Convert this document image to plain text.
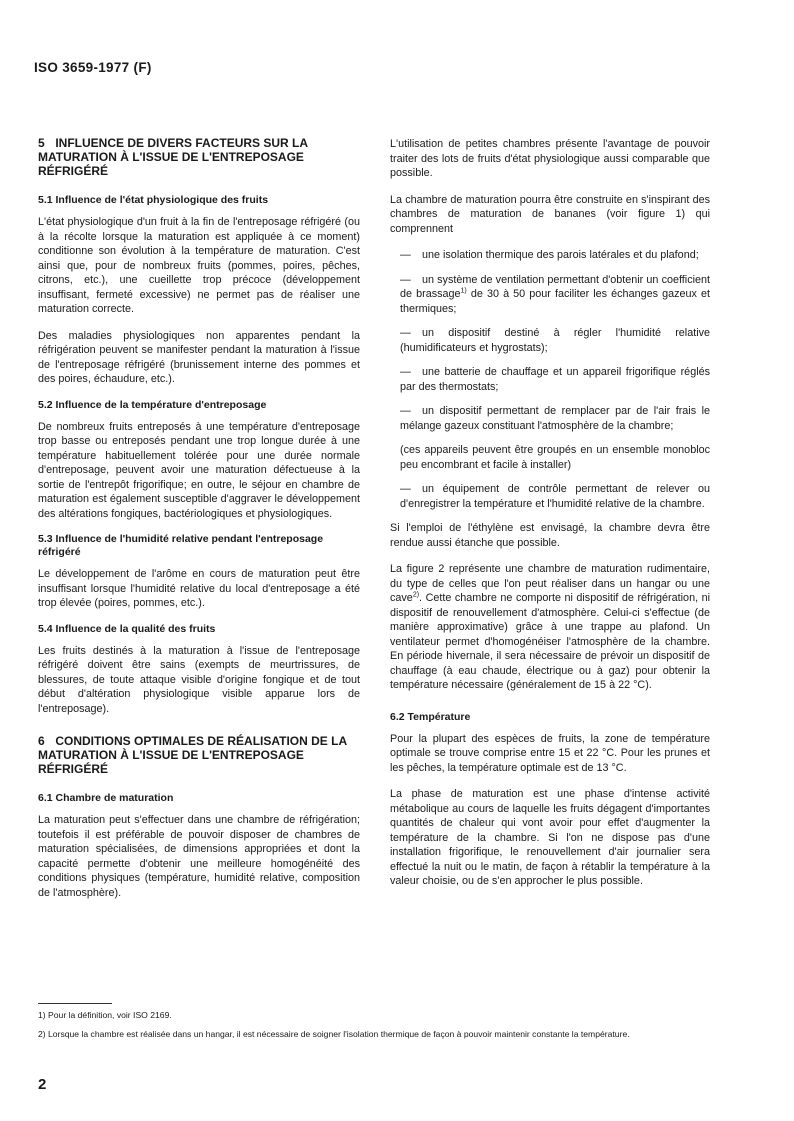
ISO 3659-1977 (F)
5 INFLUENCE DE DIVERS FACTEURS SUR LA MATURATION À L'ISSUE DE L'ENTREPOSAGE RÉFRIGÉRÉ
5.1 Influence de l'état physiologique des fruits
L'état physiologique d'un fruit à la fin de l'entreposage réfrigéré (ou à la récolte lorsque la maturation est appliquée à ce moment) conditionne son évolution à la température de maturation. C'est ainsi que, pour de nombreux fruits (pommes, poires, pêches, citrons, etc.), une cueillette trop précoce (développement insuffisant, fermeté excessive) ne permet pas de réaliser une maturation correcte.
Des maladies physiologiques non apparentes pendant la réfrigération peuvent se manifester pendant la maturation à l'issue de l'entreposage réfrigéré (brunissement interne des pommes et des poires, échaudure, etc.).
5.2 Influence de la température d'entreposage
De nombreux fruits entreposés à une température d'entreposage trop basse ou entreposés pendant une trop longue durée à une température habituellement tolérée pour une durée normale d'entreposage, peuvent avoir une maturation défectueuse à la sortie de l'entrepôt frigorifique; en outre, le séjour en chambre de maturation est également susceptible d'aggraver le développement des altérations fongiques, bactériologiques et physiologiques.
5.3 Influence de l'humidité relative pendant l'entreposage réfrigéré
Le développement de l'arôme en cours de maturation peut être insuffisant lorsque l'humidité relative du local d'entreposage a été trop élevée (poires, pommes, etc.).
5.4 Influence de la qualité des fruits
Les fruits destinés à la maturation à l'issue de l'entreposage réfrigéré doivent être sains (exempts de meurtrissures, de blessures, de toute attaque visible d'origine fongique et de tout début d'altération physiologique visible apparue lors de l'entreposage).
6 CONDITIONS OPTIMALES DE RÉALISATION DE LA MATURATION À L'ISSUE DE L'ENTREPOSAGE RÉFRIGÉRÉ
6.1 Chambre de maturation
La maturation peut s'effectuer dans une chambre de réfrigération; toutefois il est préférable de pouvoir disposer de chambres de maturation spécialisées, de dimensions appropriées et dont la capacité permette d'obtenir une meilleure homogénéité des conditions physiques (température, humidité relative, composition de l'atmosphère).
L'utilisation de petites chambres présente l'avantage de pouvoir traiter des lots de fruits d'état physiologique aussi comparable que possible.
La chambre de maturation pourra être construite en s'inspirant des chambres de maturation de bananes (voir figure 1) qui comprennent
— une isolation thermique des parois latérales et du plafond;
— un système de ventilation permettant d'obtenir un coefficient de brassage$^{1)}$ de 30 à 50 pour faciliter les échanges gazeux et thermiques;
— un dispositif destiné à régler l'humidité relative (humidificateurs et hygrostats);
— une batterie de chauffage et un appareil frigorifique réglés par des thermostats;
— un dispositif permettant de remplacer par de l'air frais le mélange gazeux constituant l'atmosphère de la chambre;
(ces appareils peuvent être groupés en un ensemble monobloc peu encombrant et facile à installer)
— un équipement de contrôle permettant de relever ou d'enregistrer la température et l'humidité relative de la chambre.
Si l'emploi de l'éthylène est envisagé, la chambre devra être rendue aussi étanche que possible.
La figure 2 représente une chambre de maturation rudimentaire, du type de celles que l'on peut réaliser dans un hangar ou une cave$^{2)}$. Cette chambre ne comporte ni dispositif de réfrigération, ni dispositif de renouvellement d'atmosphère. Celui-ci s'effectue (de manière approximative) grâce à une trappe au plafond. Un ventilateur permet d'homogénéiser l'atmosphère de la chambre. En période hivernale, il sera nécessaire de prévoir un dispositif de chauffage (à eau chaude, électrique ou à gaz) pour obtenir la température nécessaire (généralement de 15 à 22 °C).
6.2 Température
Pour la plupart des espèces de fruits, la zone de température optimale se trouve comprise entre 15 et 22 °C. Pour les prunes et les pêches, la température optimale est de 13 °C.
La phase de maturation est une phase d'intense activité métabolique au cours de laquelle les fruits dégagent d'importantes quantités de chaleur qui vont avoir pour effet d'augmenter la température de la chambre. Si l'on ne dispose pas d'une installation frigorifique, le renouvellement d'air journalier sera effectué la nuit ou le matin, de façon à rétablir la température à la valeur choisie, ou de s'en approcher le plus possible.
1) Pour la définition, voir ISO 2169.
2) Lorsque la chambre est réalisée dans un hangar, il est nécessaire de soigner l'isolation thermique de façon à pouvoir maintenir constante la température.
2
